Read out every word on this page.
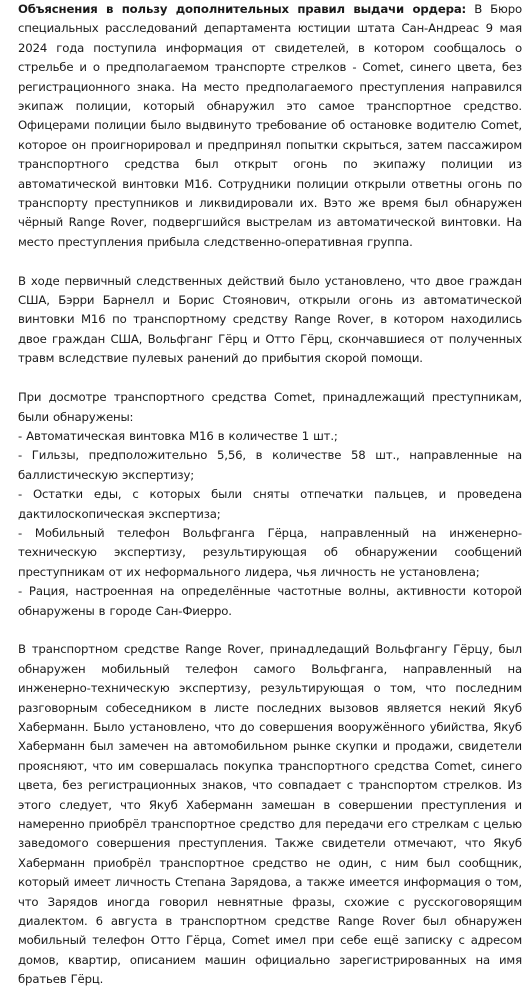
Объяснения в пользу дополнительных правил выдачи ордера: В Бюро специальных расследований департамента юстиции штата Сан-Андреас 9 мая 2024 года поступила информация от свидетелей, в котором сообщалось о стрельбе и о предполагаемом транспорте стрелков - Comet, синего цвета, без регистрационного знака. На место предполагаемого преступления направился экипаж полиции, который обнаружил это самое транспортное средство. Офицерами полиции было выдвинуто требование об остановке водителю Comet, которое он проигнорировал и предпринял попытки скрыться, затем пассажиром транспортного средства был открыт огонь по экипажу полиции из автоматической винтовки М16. Сотрудники полиции открыли ответны огонь по транспорту преступников и ликвидировали их. Вэто же время был обнаружен чёрный Range Rover, подвергшийся выстрелам из автоматической винтовки. На место преступления прибыла следственно-оперативная группа.

В ходе первичный следственных действий было установлено, что двое граждан США, Бэрри Барнелл и Борис Стоянович, открыли огонь из автоматической винтовки М16 по транспортному средству Range Rover, в котором находились двое граждан США, Вольфганг Гёрц и Отто Гёрц, скончавшиеся от полученных травм вследствие пулевых ранений до прибытия скорой помощи.

При досмотре транспортного средства Comet, принадлежащий преступникам, были обнаружены:

- Автоматическая винтовка М16 в количестве 1 шт.;

- Гильзы, предположительно 5,56, в количестве 58 шт., направленные на баллистическую экспертизу;

- Остатки еды, с которых были сняты отпечатки пальцев, и проведена дактилоскопическая экспертиза;

- Мобильный телефон Вольфганга Гёрца, направленный на инженерно-техническую экспертизу, результирующая об обнаружении сообщений преступникам от их неформального лидера, чья личность не установлена;

- Рация, настроенная на определённые частотные волны, активности которой обнаружены в городе Сан-Фиерро.

В транспортном средстве Range Rover, принадледащий Вольфгангу Гёрцу, был обнаружен мобильный телефон самого Вольфганга, направленный на инженерно-техническую экспертизу, результирующая о том, что последним разговорным собеседником в листе последних вызовов является некий Якуб Хаберманн. Было установлено, что до совершения вооружённого убийства, Якуб Хаберманн был замечен на автомобильном рынке скупки и продажи, свидетели проясняют, что им совершалась покупка транспортного средства Comet, синего цвета, без регистрационных знаков, что совпадает с транспортом стрелков. Из этого следует, что Якуб Хаберманн замешан в совершении преступления и намеренно приобрёл транспортное средство для передачи его стрелкам с целью заведомого совершения преступления. Также свидетели отмечают, что Якуб Хаберманн приобрёл транспортное средство не один, с ним был сообщник, который имеет личность Степана Зарядова, а также имеется информация о том, что Зарядов иногда говорил невнятные фразы, схожие с русскоговорящим диалектом. 6 августа в транспортном средстве Range Rover был обнаружен мобильный телефон Отто Гёрца, Comet имел при себе ещё записку с адресом домов, квартир, описанием машин официально зарегистрированных на имя братьев Гёрц.
